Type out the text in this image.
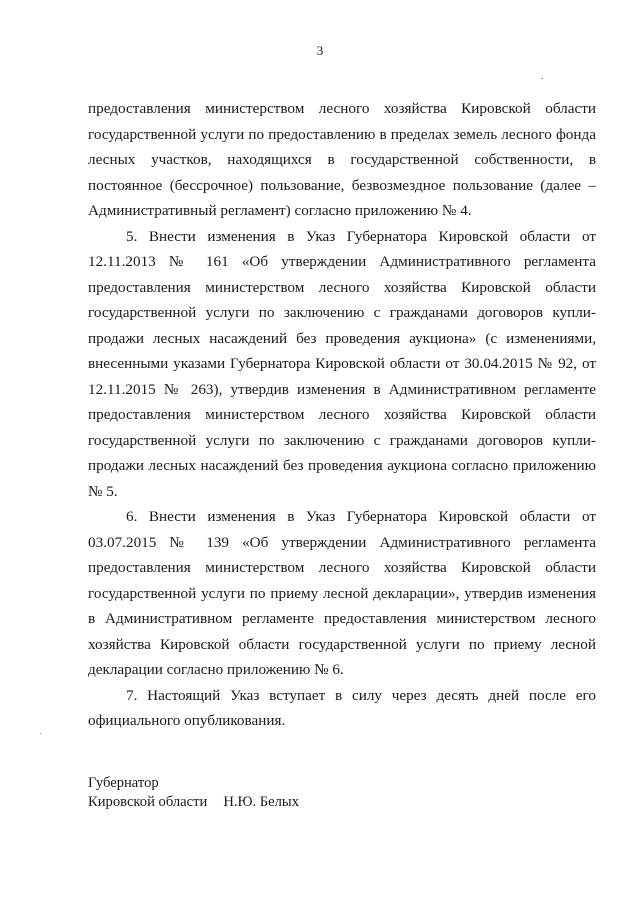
3

предоставления министерством лесного хозяйства Кировской области государственной услуги по предоставлению в пределах земель лесного фонда лесных участков, находящихся в государственной собственности, в постоянное (бессрочное) пользование, безвозмездное пользование (далее – Административный регламент) согласно приложению № 4.

5. Внести изменения в Указ Губернатора Кировской области от 12.11.2013 № 161 «Об утверждении Административного регламента предоставления министерством лесного хозяйства Кировской области государственной услуги по заключению с гражданами договоров купли-продажи лесных насаждений без проведения аукциона» (с изменениями, внесенными указами Губернатора Кировской области от 30.04.2015 № 92, от 12.11.2015 № 263), утвердив изменения в Административном регламенте предоставления министерством лесного хозяйства Кировской области государственной услуги по заключению с гражданами договоров купли-продажи лесных насаждений без проведения аукциона согласно приложению № 5.

6. Внести изменения в Указ Губернатора Кировской области от 03.07.2015 № 139 «Об утверждении Административного регламента предоставления министерством лесного хозяйства Кировской области государственной услуги по приему лесной декларации», утвердив изменения в Административном регламенте предоставления министерством лесного хозяйства Кировской области государственной услуги по приему лесной декларации согласно приложению № 6.

7. Настоящий Указ вступает в силу через десять дней после его официального опубликования.

Губернатор
Кировской области Н.Ю. Белых
